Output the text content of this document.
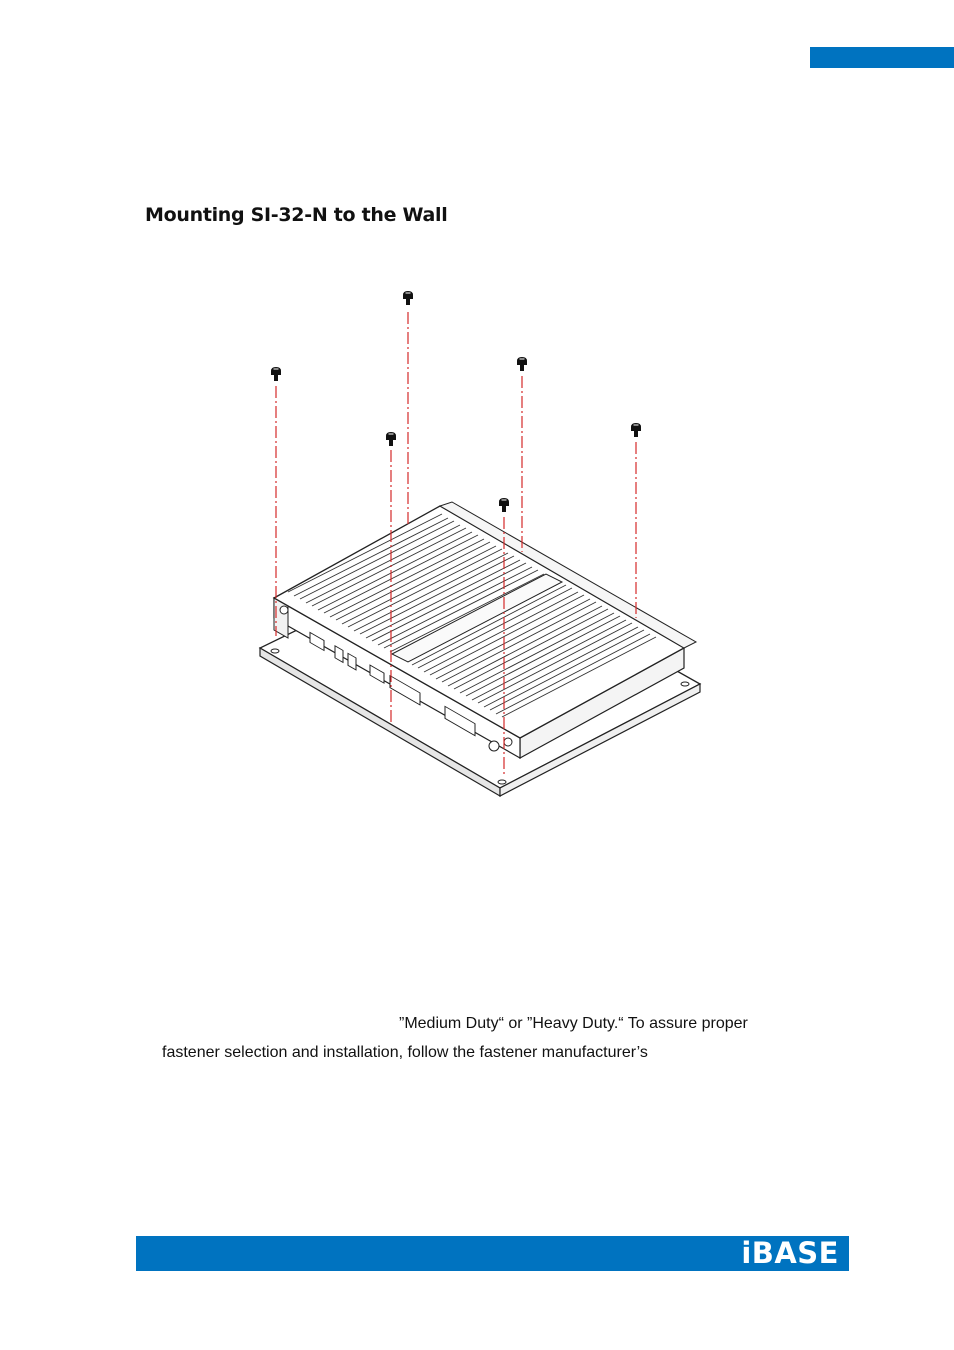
Mounting SI-32-N to the Wall

”Medium Duty“ or ”Heavy Duty.“ To assure proper

fastener selection and installation, follow the fastener manufacturer’s

iBASE
